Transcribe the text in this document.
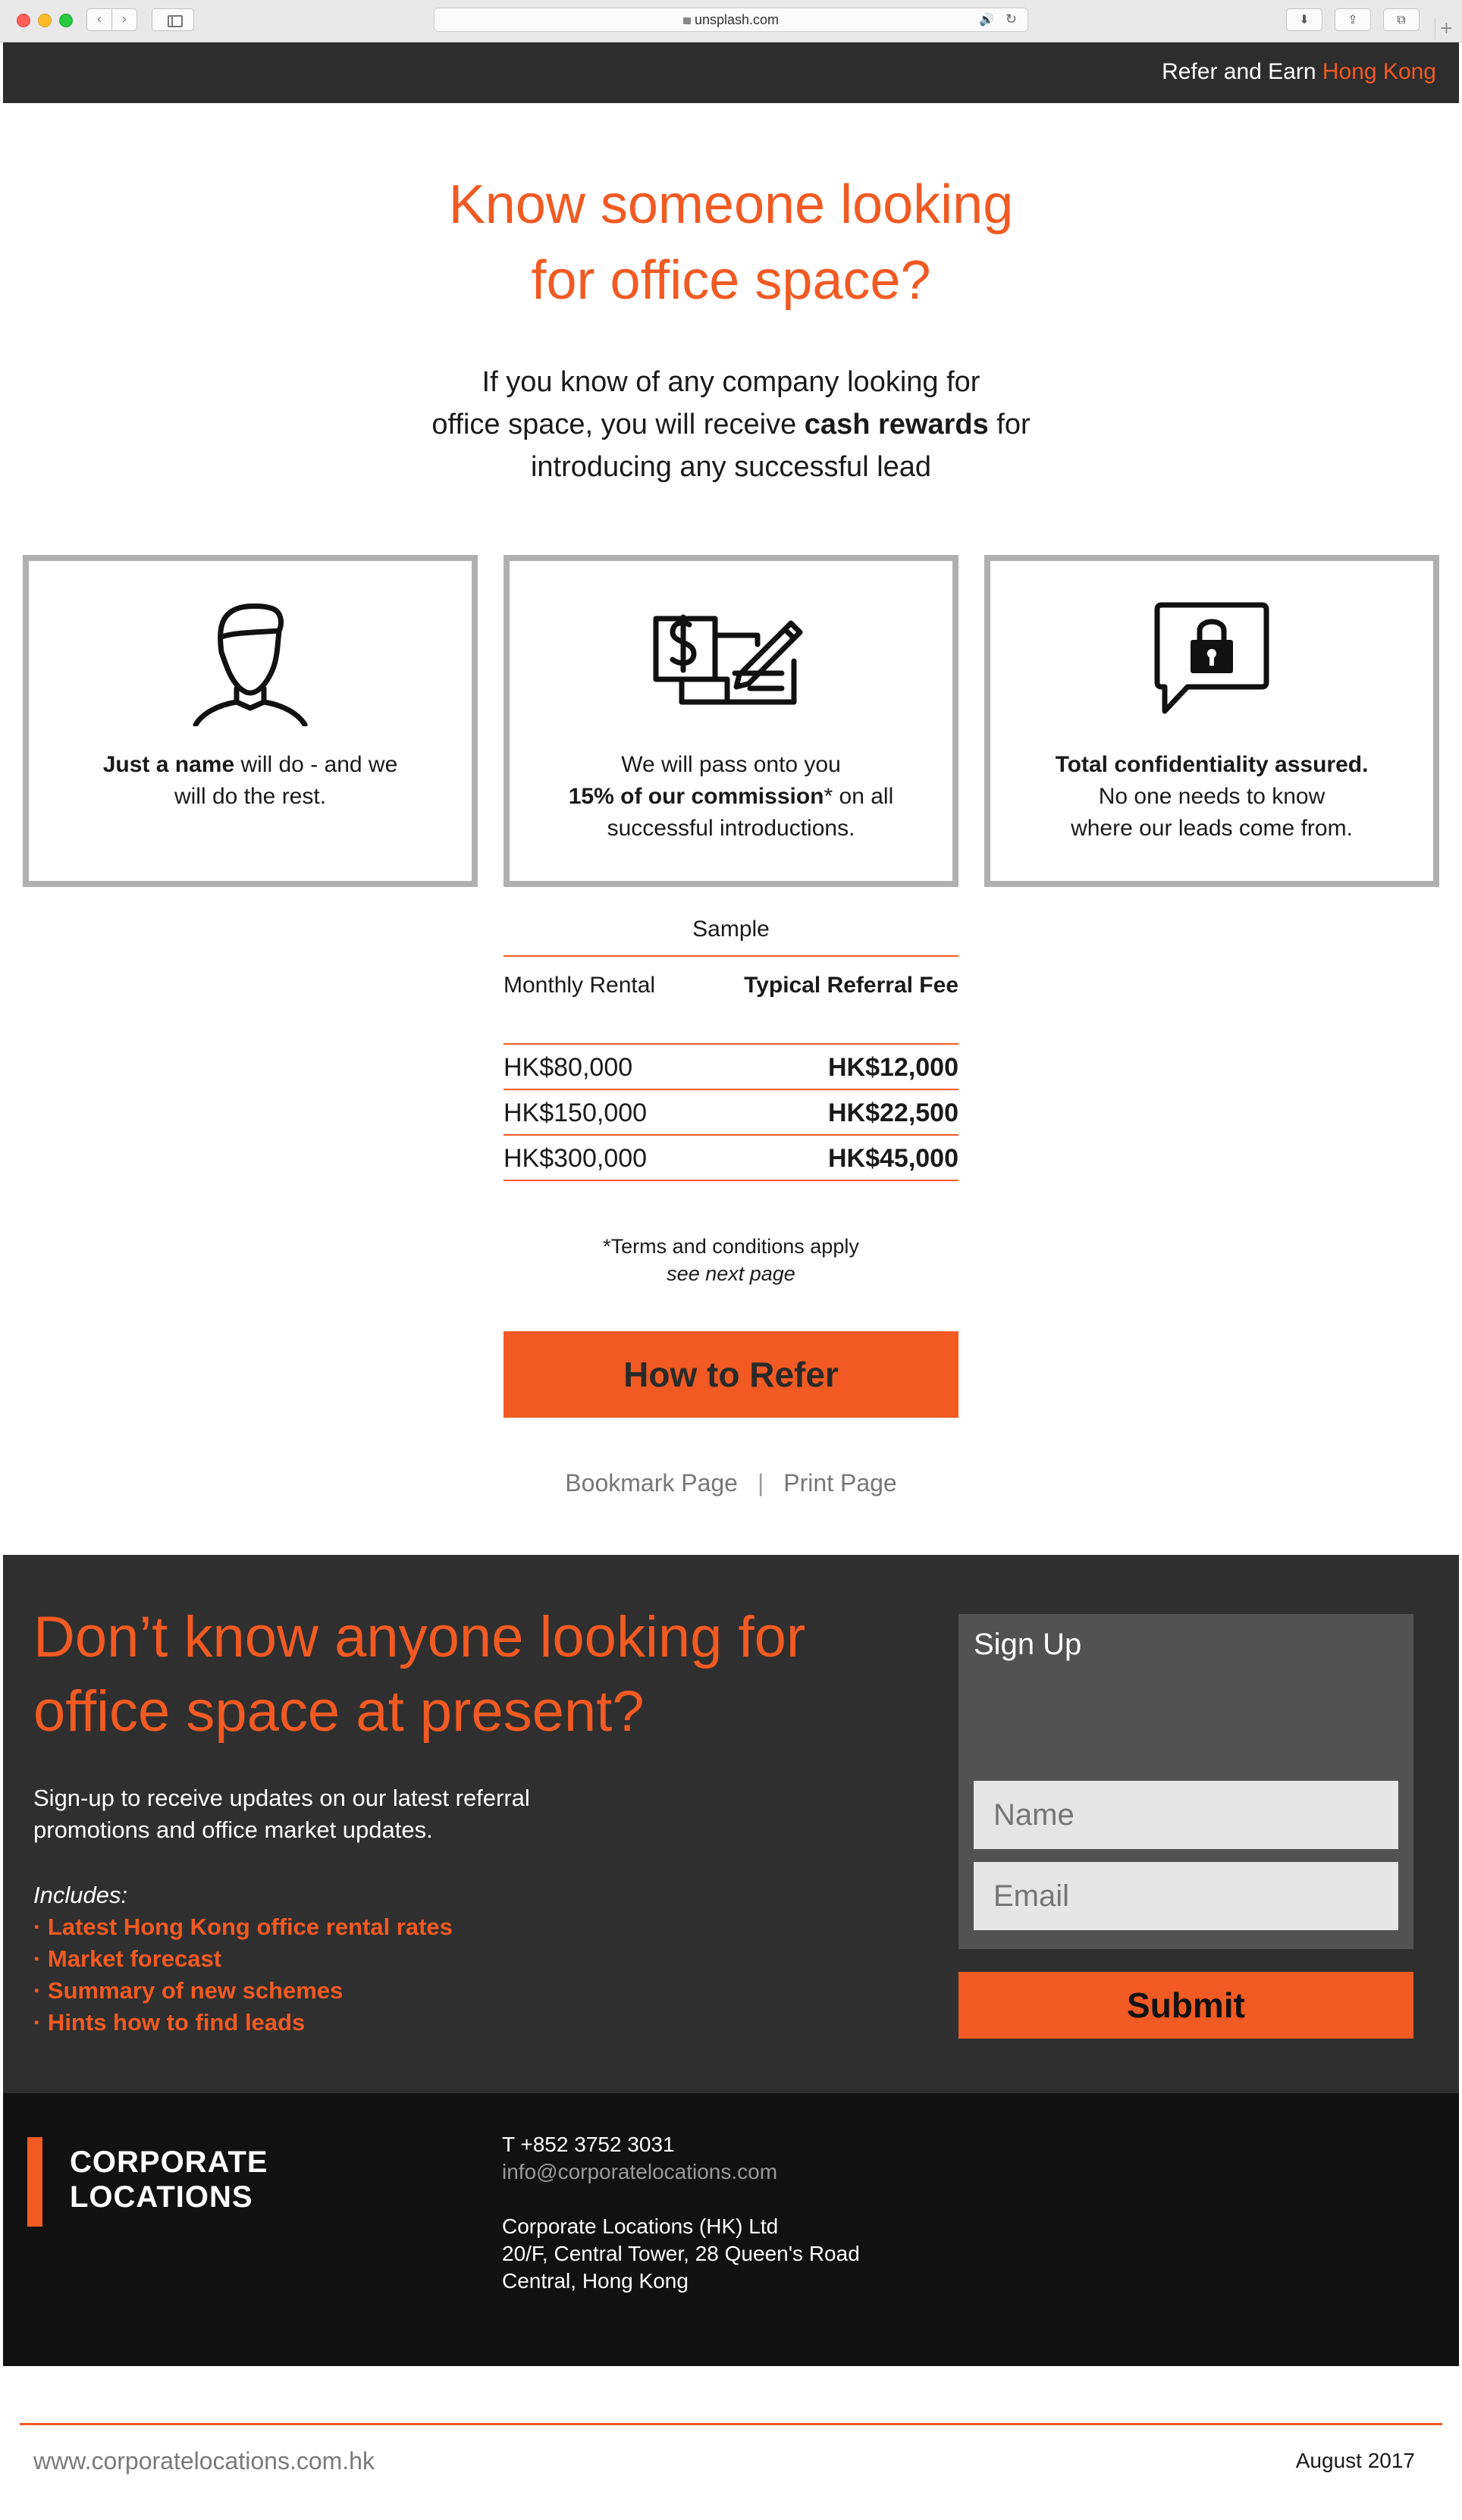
‹	›	unsplash.com	🔊 ↻	⬇	⇪	⧉	+
Refer and Earn Hong Kong
Know someone looking
for office space?

If you know of any company looking for
office space, you will receive cash rewards for
introducing any successful lead

Just a name will do - and we
will do the rest.
We will pass onto you
15% of our commission* on all
successful introductions.
Total confidentiality assured.
No one needs to know
where our leads come from.
Sample
Monthly Rental	Typical Referral Fee
HK$80,000	HK$12,000
HK$150,000	HK$22,500
HK$300,000	HK$45,000
*Terms and conditions apply
see next page
How to Refer
Bookmark Page | Print Page
Don’t know anyone looking for
office space at present?

Sign-up to receive updates on our latest referral
promotions and office market updates.

Includes:
· Latest Hong Kong office rental rates
· Market forecast
· Summary of new schemes
· Hints how to find leads
Sign Up
Name
Email
Submit
CORPORATE
LOCATIONS
T +852 3752 3031
info@corporatelocations.com
Corporate Locations (HK) Ltd
20/F, Central Tower, 28 Queen's Road
Central, Hong Kong
www.corporatelocations.com.hk	August 2017
